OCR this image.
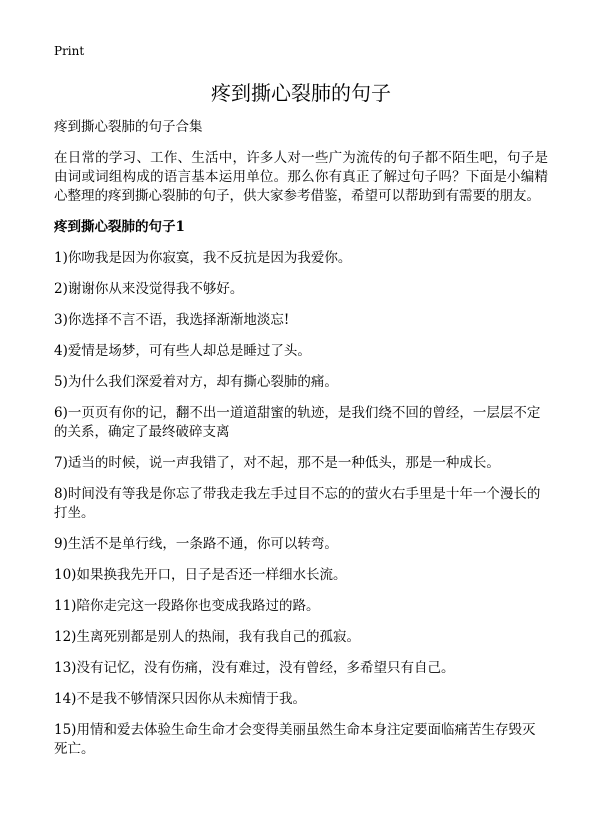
Print
疼到撕心裂肺的句子

疼到撕心裂肺的句子合集

在日常的学习、工作、生活中，许多人对一些广为流传的句子都不陌生吧，句子是由词或词组构成的语言基本运用单位。那么你有真正了解过句子吗？下面是小编精心整理的疼到撕心裂肺的句子，供大家参考借鉴，希望可以帮助到有需要的朋友。

疼到撕心裂肺的句子1
1)你吻我是因为你寂寞，我不反抗是因为我爱你。
2)谢谢你从来没觉得我不够好。
3)你选择不言不语，我选择渐渐地淡忘!
4)爱情是场梦，可有些人却总是睡过了头。
5)为什么我们深爱着对方，却有撕心裂肺的痛。
6)一页页有你的记，翻不出一道道甜蜜的轨迹，是我们绕不回的曾经，一层层不定的关系，确定了最终破碎支离
7)适当的时候，说一声我错了，对不起，那不是一种低头，那是一种成长。
8)时间没有等我是你忘了带我走我左手过目不忘的的萤火右手里是十年一个漫长的打坐。
9)生活不是单行线，一条路不通，你可以转弯。
10)如果换我先开口，日子是否还一样细水长流。
11)陪你走完这一段路你也变成我路过的路。
12)生离死别都是别人的热闹，我有我自己的孤寂。
13)没有记忆，没有伤痛，没有难过，没有曾经，多希望只有自己。
14)不是我不够情深只因你从未痴情于我。
15)用情和爱去体验生命生命才会变得美丽虽然生命本身注定要面临痛苦生存毁灭死亡。
